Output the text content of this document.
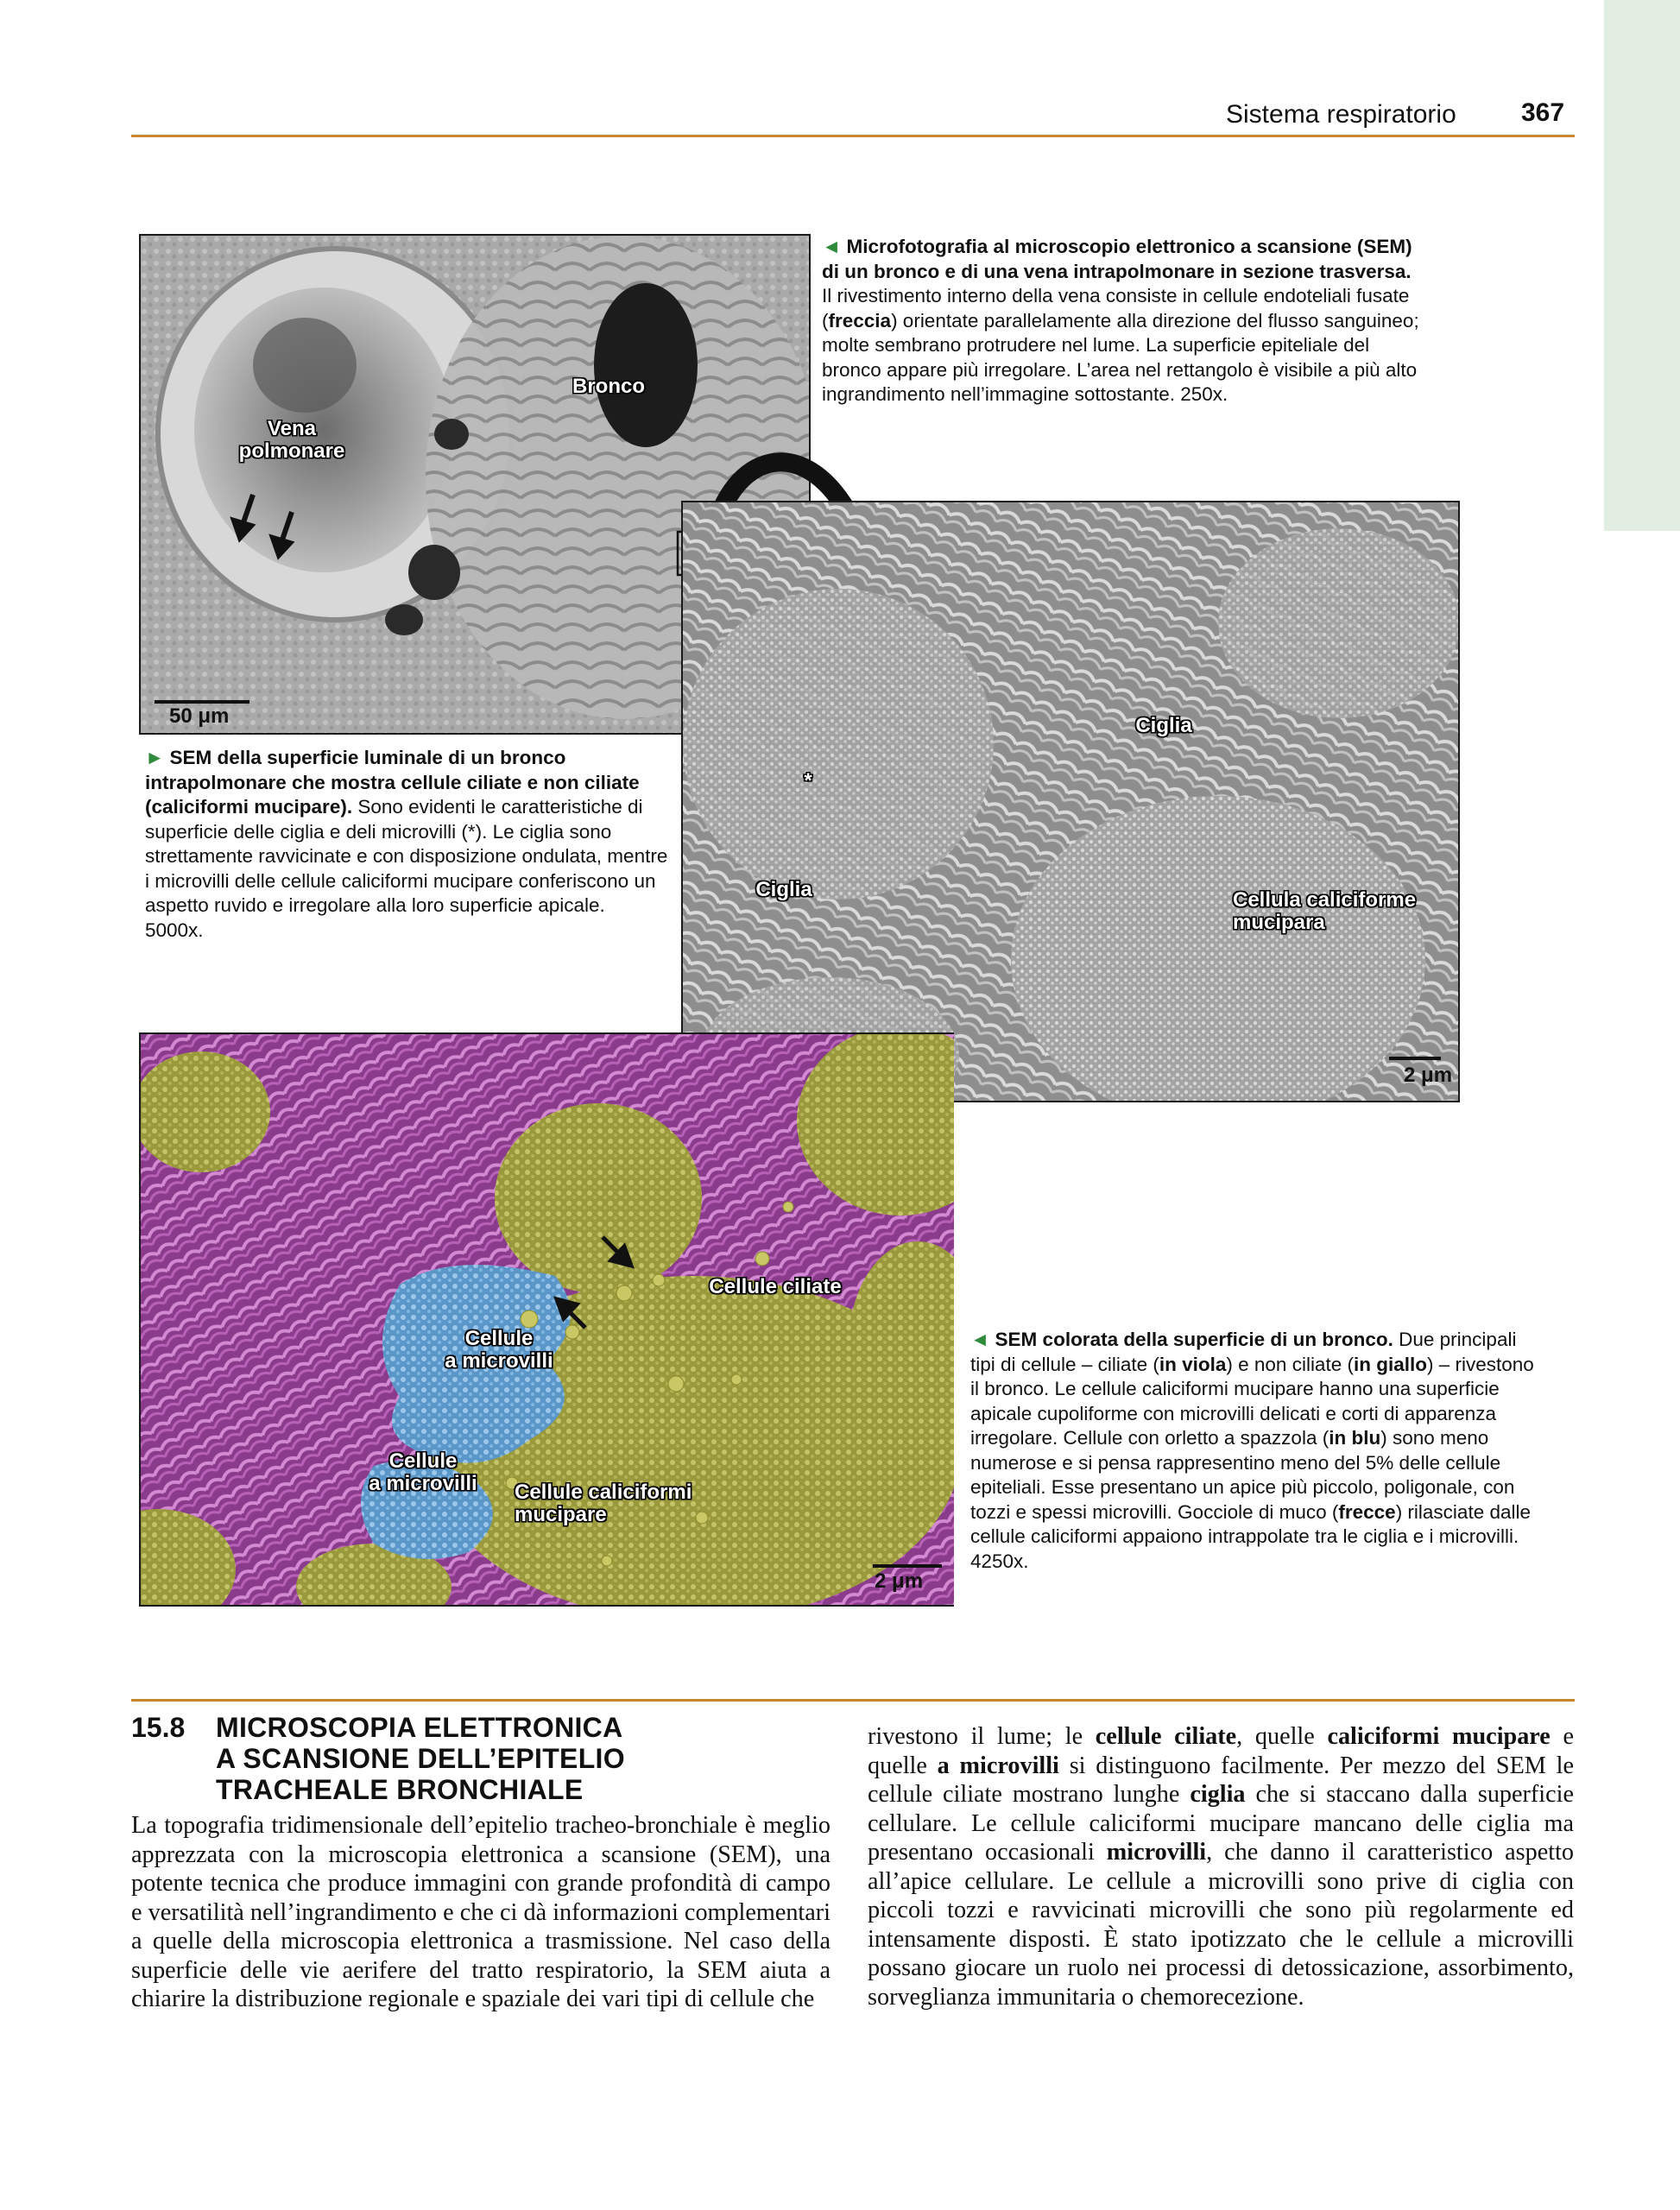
Sistema respiratorio	367
Vena
polmonare
Bronco
50 μm
◄ Microfotografia al microscopio elettronico a scansione (SEM) di un bronco e di una vena intrapolmonare in sezione trasversa. Il rivestimento interno della vena consiste in cellule endoteliali fusate (freccia) orientate parallelamente alla direzione del flusso sanguineo; molte sembrano protrudere nel lume. La superficie epiteliale del bronco appare più irregolare. L’area nel rettangolo è visibile a più alto ingrandimento nell’immagine sottostante. 250x.
Ciglia
Ciglia	Cellula caliciforme
mucipara
*
2 μm
► SEM della superficie luminale di un bronco intrapolmonare che mostra cellule ciliate e non ciliate (caliciformi mucipare). Sono evidenti le caratteristiche di superficie delle ciglia e deli microvilli (*). Le ciglia sono strettamente ravvicinate e con disposizione ondulata, mentre i microvilli delle cellule caliciformi mucipare conferiscono un aspetto ruvido e irregolare alla loro superficie apicale. 5000x.
Cellule ciliate
Cellule
a microvilli
Cellule
a microvilli	Cellule caliciformi
mucipare
2 μm
◄ SEM colorata della superficie di un bronco. Due principali tipi di cellule – ciliate (in viola) e non ciliate (in giallo) – rivestono il bronco. Le cellule caliciformi mucipare hanno una superficie apicale cupoliforme con microvilli delicati e corti di apparenza irregolare. Cellule con orletto a spazzola (in blu) sono meno numerose e si pensa rappresentino meno del 5% delle cellule epiteliali. Esse presentano un apice più piccolo, poligonale, con tozzi e spessi microvilli. Gocciole di muco (frecce) rilasciate dalle cellule caliciformi appaiono intrappolate tra le ciglia e i microvilli. 4250x.
15.8 MICROSCOPIA ELETTRONICA
A SCANSIONE DELL’EPITELIO
TRACHEALE BRONCHIALE
La topografia tridimensionale dell’epitelio tracheo-bronchiale è meglio apprezzata con la microscopia elettronica a scansione (SEM), una potente tecnica che produce immagini con grande profondità di campo e versatilità nell’ingrandimento e che ci dà informazioni complementari a quelle della microscopia elettronica a trasmissione. Nel caso della superficie delle vie aerifere del tratto respiratorio, la SEM aiuta a chiarire la distribuzione regionale e spaziale dei vari tipi di cellule che
rivestono il lume; le cellule ciliate, quelle caliciformi mucipare e quelle a microvilli si distinguono facilmente. Per mezzo del SEM le cellule ciliate mostrano lunghe ciglia che si staccano dalla superficie cellulare. Le cellule caliciformi mucipare mancano delle ciglia ma presentano occasionali microvilli, che danno il caratteristico aspetto all’apice cellulare. Le cellule a microvilli sono prive di ciglia con piccoli tozzi e ravvicinati microvilli che sono più regolarmente ed intensamente disposti. È stato ipotizzato che le cellule a microvilli possano giocare un ruolo nei processi di detossicazione, assorbimento, sorveglianza immunitaria o chemorecezione.
